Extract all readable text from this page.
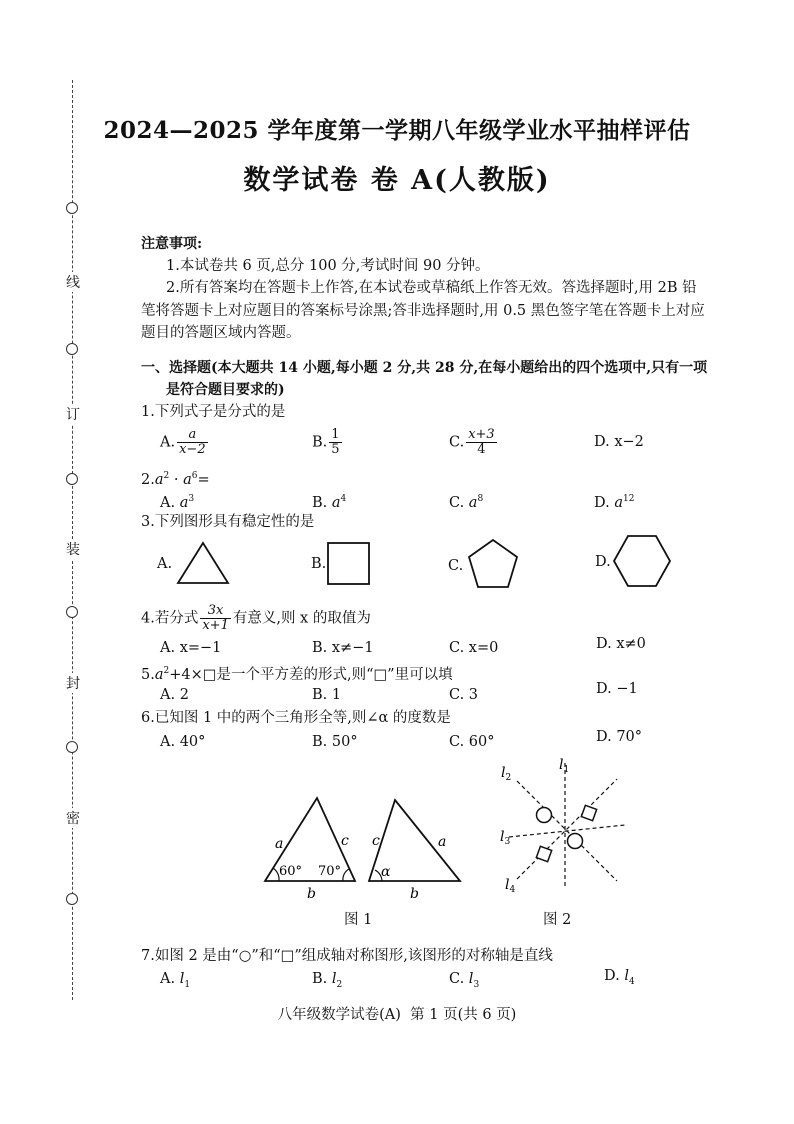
线
订
装
封
密
2024—2025 学年度第一学期八年级学业水平抽样评估
数学试卷 卷 A(人教版)
注意事项:
1.本试卷共 6 页,总分 100 分,考试时间 90 分钟。
2.所有答案均在答题卡上作答,在本试卷或草稿纸上作答无效。答选择题时,用 2B 铅
笔将答题卡上对应题目的答案标号涂黑;答非选择题时,用 0.5 黑色签字笔在答题卡上对应
题目的答题区域内答题。
一、选择题(本大题共 14 小题,每小题 2 分,共 28 分,在每小题给出的四个选项中,只有一项
是符合题目要求的)
1.下列式子是分式的是
A. $\frac{a}{x-2}$	B. $\frac{1}{5}$	C. $\frac{x+3}{4}$	D. x−2
$2.a^2 \cdot a^6=$
A. $a^3$	B. $a^4$	C. $a^8$	D. $a^{12}$
3.下列图形具有稳定性的是
A.	B.	C.	D.
4.若分式 $\frac{3x}{x+1}$ 有意义,则 x 的取值为
A. x=−1	B. x≠−1	C. x=0	D. x≠0
$5.a^2+4\times□$是一个平方差的形式,则“□”里可以填
A. 2	B. 1	C. 3	D. −1
6.已知图 1 中的两个三角形全等,则∠α 的度数是
A. 40°	B. 50°	C. 60°	D. 70°
a	c
b
60° 70°
c	a
b
α
图 1
$l_2$
$l_1$
$l_3$
$l_4$
图 2
7.如图 2 是由“○”和“□”组成轴对称图形,该图形的对称轴是直线
A. $l_1$	B. $l_2$	C. $l_3$
D. $l_4$
八年级数学试卷(A)  第 1 页(共 6 页)
